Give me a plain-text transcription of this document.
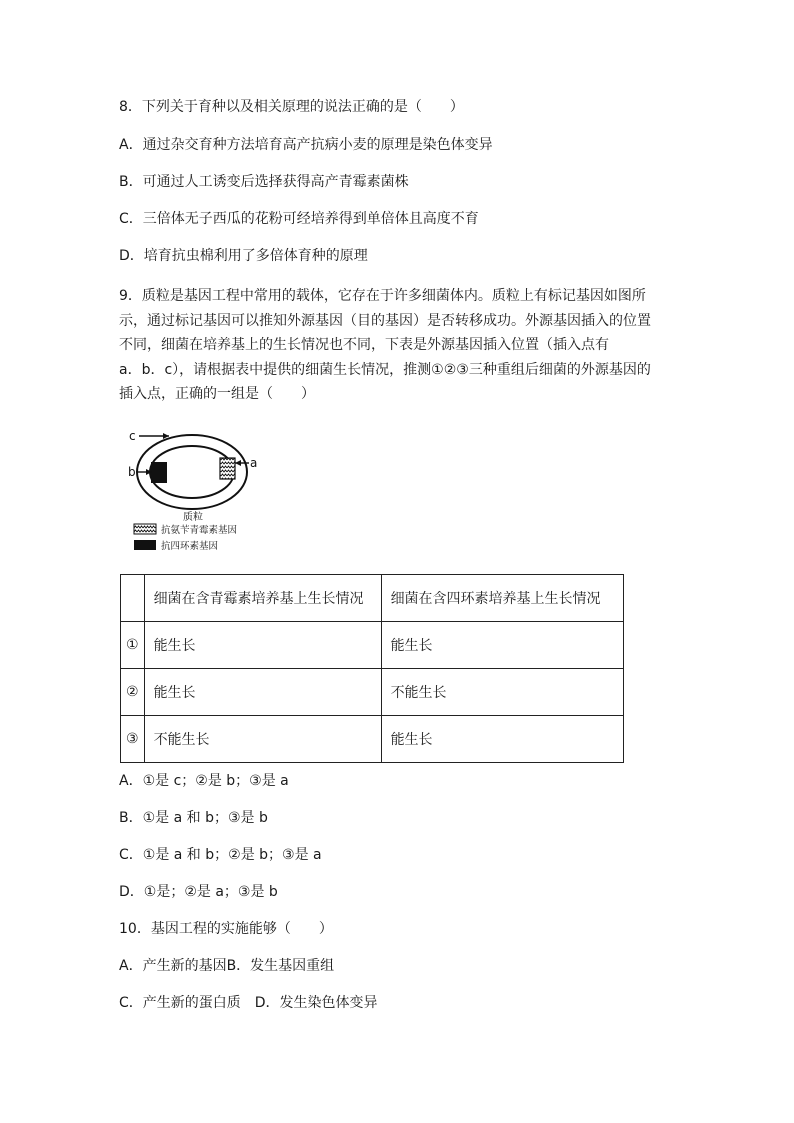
8．下列关于育种以及相关原理的说法正确的是（　　）
A．通过杂交育种方法培育高产抗病小麦的原理是染色体变异
B．可通过人工诱变后选择获得高产青霉素菌株
C．三倍体无子西瓜的花粉可经培养得到单倍体且高度不育
D．培育抗虫棉利用了多倍体育种的原理
9．质粒是基因工程中常用的载体，它存在于许多细菌体内。质粒上有标记基因如图所
示，通过标记基因可以推知外源基因（目的基因）是否转移成功。外源基因插入的位置
不同，细菌在培养基上的生长情况也不同，下表是外源基因插入位置（插入点有
a．b．c），请根据表中提供的细菌生长情况，推测①②③三种重组后细菌的外源基因的
插入点，正确的一组是（　　）
c
b
a
质粒
抗氨苄青霉素基因
抗四环素基因
	细菌在含青霉素培养基上生长情况	细菌在含四环素培养基上生长情况
①	能生长	能生长
②	能生长	不能生长
③	不能生长	能生长
A．①是 c；②是 b；③是 a
B．①是 a 和 b；③是 b
C．①是 a 和 b；②是 b；③是 a
D．①是；②是 a；③是 b
10．基因工程的实施能够（　　）
A．产生新的基因B．发生基因重组
C．产生新的蛋白质　D．发生染色体变异
